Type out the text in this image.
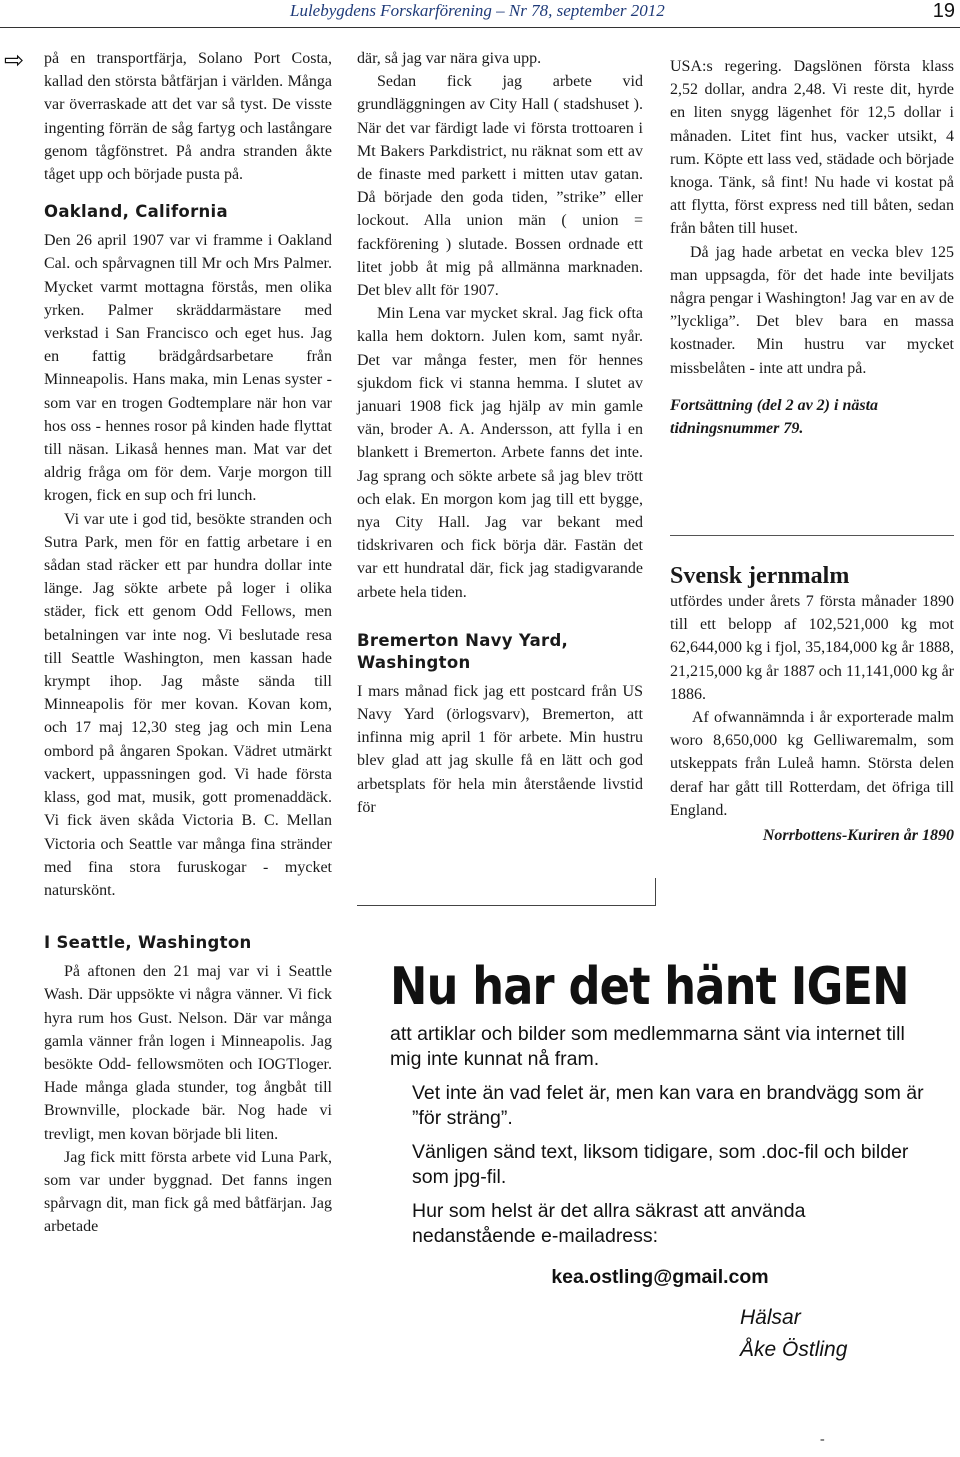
Lulebygdens Forskarförening – Nr 78, september 2012	19
⇨ på en transportfärja, Solano Port Costa, kallad den största båtfärjan i världen. Många var överraskade att det var så tyst. De visste ingenting förrän de såg fartyg och lastångare genom tågfönstret. På andra stranden åkte tåget upp och började pusta på.

Oakland, California

Den 26 april 1907 var vi framme i Oakland Cal. och spårvagnen till Mr och Mrs Palmer. Mycket varmt mottagna förstås, men olika yrken. Palmer skräddarmästare med verkstad i San Francisco och eget hus. Jag en fattig brädgårdsarbetare från Minneapolis. Hans maka, min Lenas syster - som var en trogen Godtemplare när hon var hos oss - hennes rosor på kinden hade flyttat till näsan. Likaså hennes man. Mat var det aldrig fråga om för dem. Varje morgon till krogen, fick en sup och fri lunch.

Vi var ute i god tid, besökte stranden och Sutra Park, men för en fattig arbetare i en sådan stad räcker ett par hundra dollar inte länge. Jag sökte arbete på loger i olika städer, fick ett genom Odd Fellows, men betalningen var inte nog. Vi beslutade resa till Seattle Washington, men kassan hade krympt ihop. Jag måste sända till Minneapolis för mer kovan. Kovan kom, och 17 maj 12,30 steg jag och min Lena ombord på ångaren Spokan. Vädret utmärkt vackert, uppassningen god. Vi hade första klass, god mat, musik, gott promenaddäck. Vi fick även skåda Victoria B. C. Mellan Victoria och Seattle var många fina stränder med fina stora furuskogar - mycket naturskönt.

I Seattle, Washington

På aftonen den 21 maj var vi i Seattle Wash. Där uppsökte vi några vänner. Vi fick hyra rum hos Gust. Nelson. Där var många gamla vänner från logen i Minneapolis. Jag besökte Odd- fellowsmöten och IOGTloger. Hade många glada stunder, tog ångbåt till Brownville, plockade bär. Nog hade vi trevligt, men kovan började bli liten.

Jag fick mitt första arbete vid Luna Park, som var under byggnad. Det fanns ingen spårvagn dit, man fick gå med båtfärjan. Jag arbetade

där, så jag var nära giva upp.

Sedan fick jag arbete vid grundläggningen av City Hall ( stadshuset ). När det var färdigt lade vi första trottoaren i Mt Bakers Parkdistrict, nu räknat som ett av de finaste med parkett i mitten utav gatan. Då började den goda tiden, ”strike” eller lockout. Alla union män ( union = fackförening ) slutade. Bossen ordnade ett litet jobb åt mig på allmänna marknaden. Det blev allt för 1907.

Min Lena var mycket skral. Jag fick ofta kalla hem doktorn. Julen kom, samt nyår. Det var många fester, men för hennes sjukdom fick vi stanna hemma. I slutet av januari 1908 fick jag hjälp av min gamle vän, broder A. A. Andersson, att fylla i en blankett i Bremerton. Arbete fanns det inte. Jag sprang och sökte arbete så jag blev trött och elak. En morgon kom jag till ett bygge, nya City Hall. Jag var bekant med tidskrivaren och fick börja där. Fastän det var ett hundratal där, fick jag stadigvarande arbete hela tiden.

Bremerton Navy Yard, Washington

I mars månad fick jag ett postcard från US Navy Yard (örlogsvarv), Bremerton, att infinna mig april 1 för arbete. Min hustru blev glad att jag skulle få en lätt och god arbetsplats för hela min återstående livstid för

USA:s regering. Dagslönen första klass 2,52 dollar, andra 2,48. Vi reste dit, hyrde en liten snygg lägenhet för 12,5 dollar i månaden. Litet fint hus, vacker utsikt, 4 rum. Köpte ett lass ved, städade och började knoga. Tänk, så fint! Nu hade vi kostat på att flytta, först express ned till båten, sedan från båten till huset.

Då jag hade arbetat en vecka blev 125 man uppsagda, för det hade inte beviljats några pengar i Washington! Jag var en av de ”lyckliga”. Det blev bara en massa kostnader. Min hustru var mycket missbelåten - inte att undra på.

Fortsättning (del 2 av 2) i nästa tidningsnummer 79.

Svensk jernmalm

utfördes under årets 7 första månader 1890 till ett belopp af 102,521,000 kg mot 62,644,000 kg i fjol, 35,184,000 kg år 1888, 21,215,000 kg år 1887 och 11,141,000 kg år 1886.

Af ofwannämnda i år exporterade malm woro 8,650,000 kg Gelliwaremalm, som utskeppats från Luleå hamn. Största delen deraf har gått till Rotterdam, det öfriga till England.

Norrbottens-Kuriren år 1890

Nu har det hänt IGEN

att artiklar och bilder som medlemmarna sänt via internet till mig inte kunnat nå fram.

Vet inte än vad felet är, men kan vara en brandvägg som är ”för sträng”.

Vänligen sänd text, liksom tidigare, som .doc-fil och bilder som jpg-fil.

Hur som helst är det allra säkrast att använda nedanstående e-mailadress:

kea.ostling@gmail.com

Hälsar

Åke Östling

-
